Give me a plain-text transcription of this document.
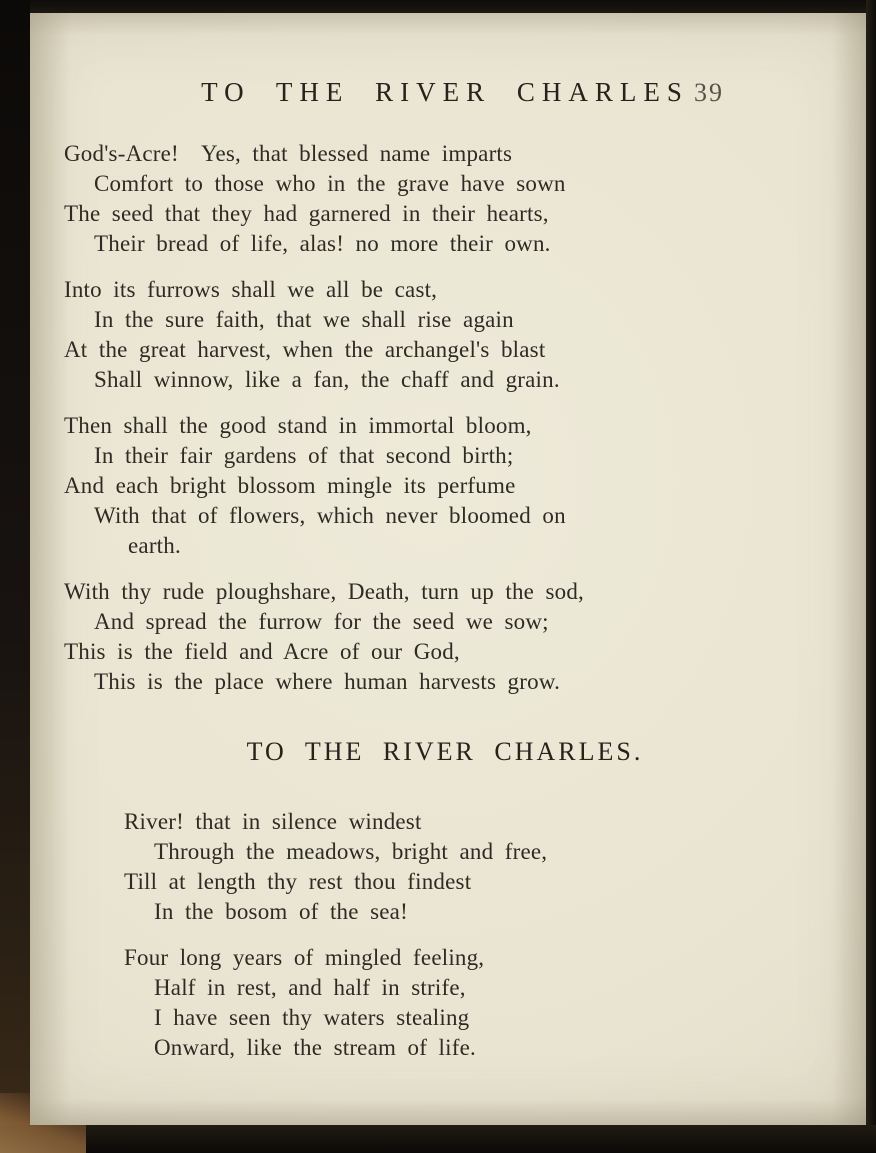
TO THE RIVER CHARLES 39
God's-Acre!  Yes, that blessed name imparts
Comfort to those who in the grave have sown
The seed that they had garnered in their hearts,
Their bread of life, alas! no more their own.
Into its furrows shall we all be cast,
In the sure faith, that we shall rise again
At the great harvest, when the archangel's blast
Shall winnow, like a fan, the chaff and grain.
Then shall the good stand in immortal bloom,
In their fair gardens of that second birth;
And each bright blossom mingle its perfume
With that of flowers, which never bloomed on
earth.
With thy rude ploughshare, Death, turn up the sod,
And spread the furrow for the seed we sow;
This is the field and Acre of our God,
This is the place where human harvests grow.
TO THE RIVER CHARLES.
River! that in silence windest
Through the meadows, bright and free,
Till at length thy rest thou findest
In the bosom of the sea!
Four long years of mingled feeling,
Half in rest, and half in strife,
I have seen thy waters stealing
Onward, like the stream of life.
